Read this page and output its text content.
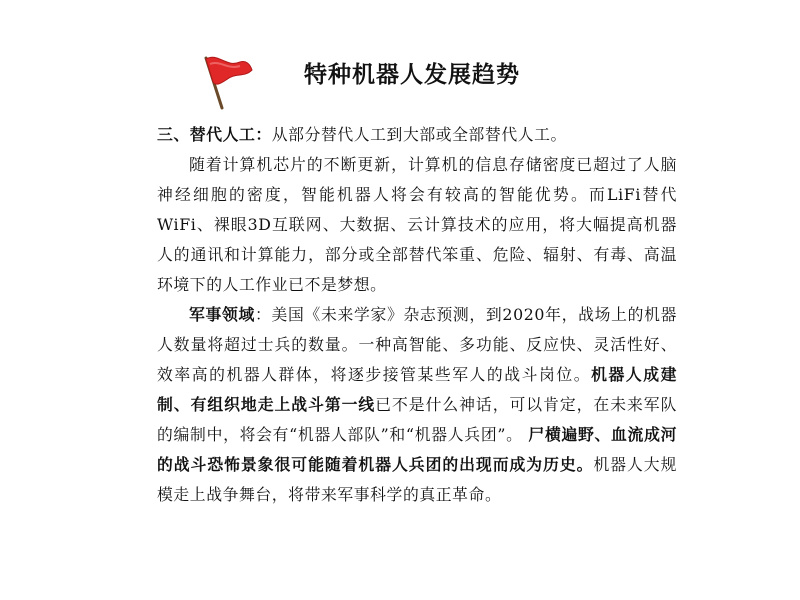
特种机器人发展趋势
三、替代人工：从部分替代人工到大部或全部替代人工。
随着计算机芯片的不断更新，计算机的信息存储密度已超过了人脑神经细胞的密度，智能机器人将会有较高的智能优势。而LiFi替代WiFi、裸眼3D互联网、大数据、云计算技术的应用，将大幅提高机器人的通讯和计算能力，部分或全部替代笨重、危险、辐射、有毒、高温环境下的人工作业已不是梦想。
军事领域：美国《未来学家》杂志预测，到2020年，战场上的机器人数量将超过士兵的数量。一种高智能、多功能、反应快、灵活性好、效率高的机器人群体，将逐步接管某些军人的战斗岗位。机器人成建制、有组织地走上战斗第一线已不是什么神话，可以肯定，在未来军队的编制中，将会有“机器人部队”和“机器人兵团”。 尸横遍野、血流成河的战斗恐怖景象很可能随着机器人兵团的出现而成为历史。机器人大规模走上战争舞台，将带来军事科学的真正革命。
